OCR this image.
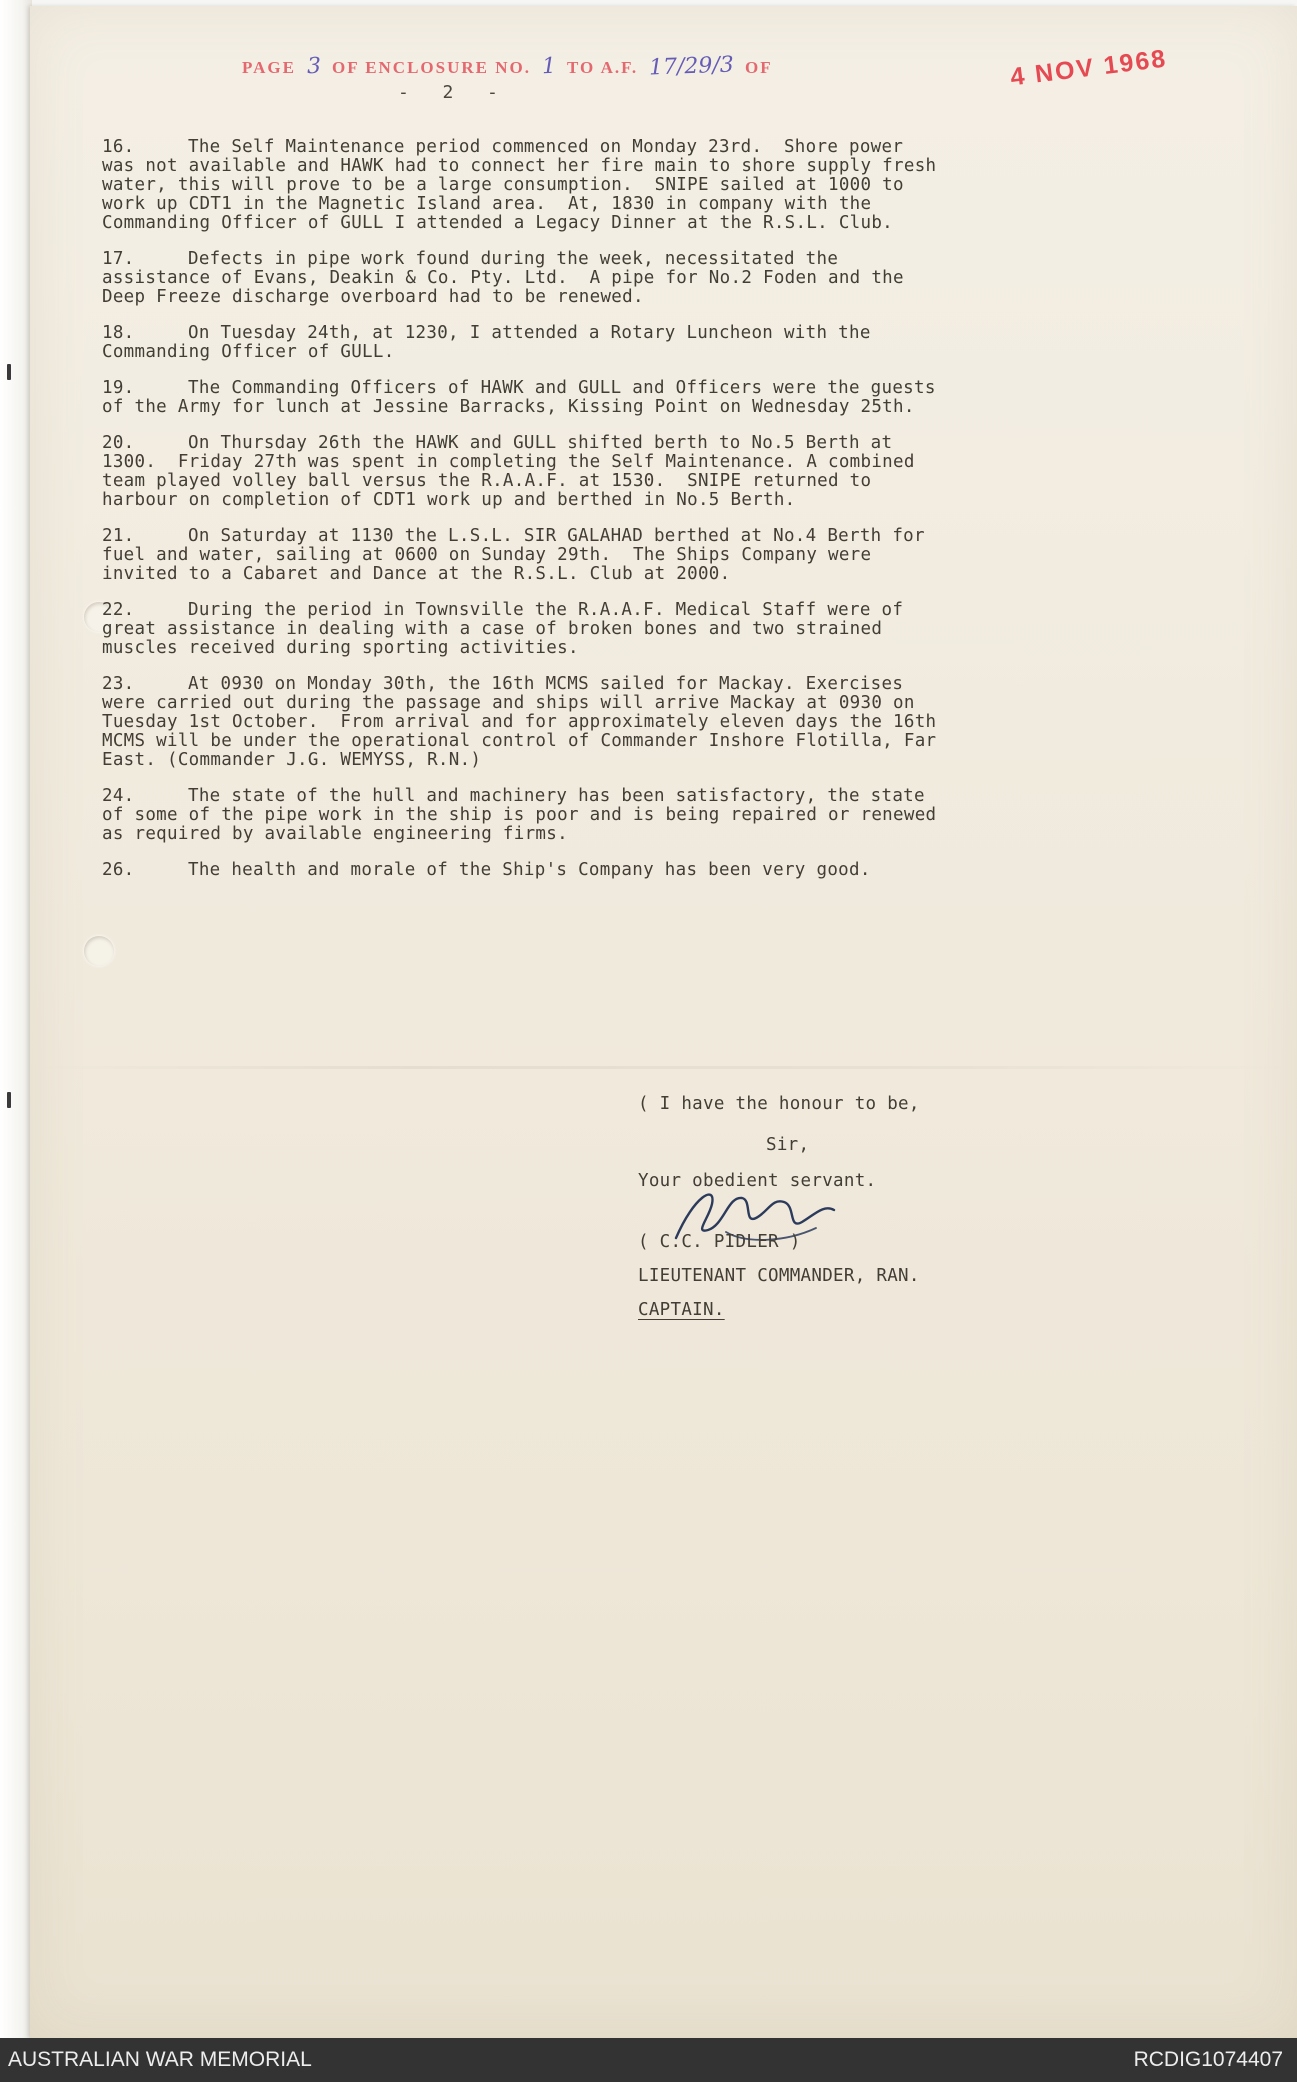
PAGE 3 OF ENCLOSURE NO. 1 TO A.F. 17/29/3 OF
-  2  -
4 NOV 1968

16.	The Self Maintenance period commenced on Monday 23rd.  Shore power was not available and HAWK had to connect her fire main to shore supply fresh water, this will prove to be a large consumption.  SNIPE sailed at 1000 to work up CDT1 in the Magnetic Island area.  At, 1830 in company with the Commanding Officer of GULL I attended a Legacy Dinner at the R.S.L. Club.

17.	Defects in pipe work found during the week, necessitated the assistance of Evans, Deakin & Co. Pty. Ltd.  A pipe for No.2 Foden and the Deep Freeze discharge overboard had to be renewed.

18.	On Tuesday 24th, at 1230, I attended a Rotary Luncheon with the Commanding Officer of GULL.

19.	The Commanding Officers of HAWK and GULL and Officers were the guests of the Army for lunch at Jessine Barracks, Kissing Point on Wednesday 25th.

20.	On Thursday 26th the HAWK and GULL shifted berth to No.5 Berth at 1300.  Friday 27th was spent in completing the Self Maintenance. A combined team played volley ball versus the R.A.A.F. at 1530.  SNIPE returned to harbour on completion of CDT1 work up and berthed in No.5 Berth.

21.	On Saturday at 1130 the L.S.L. SIR GALAHAD berthed at No.4 Berth for fuel and water, sailing at 0600 on Sunday 29th.  The Ships Company were invited to a Cabaret and Dance at the R.S.L. Club at 2000.

22.	During the period in Townsville the R.A.A.F. Medical Staff were of great assistance in dealing with a case of broken bones and two strained muscles received during sporting activities.

23.	At 0930 on Monday 30th, the 16th MCMS sailed for Mackay. Exercises were carried out during the passage and ships will arrive Mackay at 0930 on Tuesday 1st October.  From arrival and for approximately eleven days the 16th MCMS will be under the operational control of Commander Inshore Flotilla, Far East. (Commander J.G. WEMYSS, R.N.)

24.	The state of the hull and machinery has been satisfactory, the state of some of the pipe work in the ship is poor and is being repaired or renewed as required by available engineering firms.

26.	The health and morale of the Ship's Company has been very good.

( I have the honour to be,
Sir,
Your obedient servant.
( C.C. PIDLER )
LIEUTENANT COMMANDER, RAN.
CAPTAIN.
AUSTRALIAN WAR MEMORIAL	RCDIG1074407
